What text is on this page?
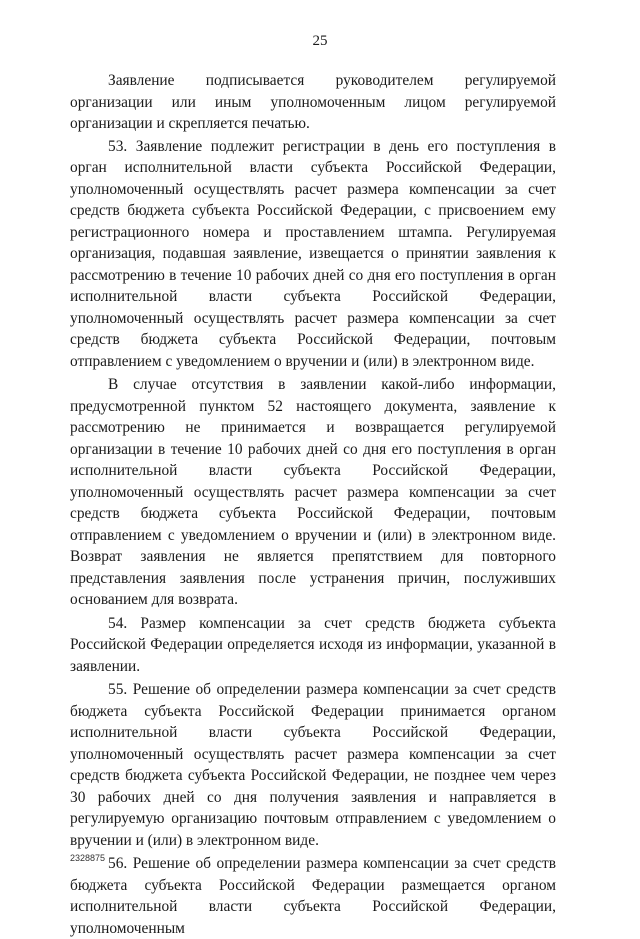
25

Заявление подписывается руководителем регулируемой организации или иным уполномоченным лицом регулируемой организации и скрепляется печатью.

53. Заявление подлежит регистрации в день его поступления в орган исполнительной власти субъекта Российской Федерации, уполномоченный осуществлять расчет размера компенсации за счет средств бюджета субъекта Российской Федерации, с присвоением ему регистрационного номера и проставлением штампа. Регулируемая организация, подавшая заявление, извещается о принятии заявления к рассмотрению в течение 10 рабочих дней со дня его поступления в орган исполнительной власти субъекта Российской Федерации, уполномоченный осуществлять расчет размера компенсации за счет средств бюджета субъекта Российской Федерации, почтовым отправлением с уведомлением о вручении и (или) в электронном виде.

В случае отсутствия в заявлении какой-либо информации, предусмотренной пунктом 52 настоящего документа, заявление к рассмотрению не принимается и возвращается регулируемой организации в течение 10 рабочих дней со дня его поступления в орган исполнительной власти субъекта Российской Федерации, уполномоченный осуществлять расчет размера компенсации за счет средств бюджета субъекта Российской Федерации, почтовым отправлением с уведомлением о вручении и (или) в электронном виде. Возврат заявления не является препятствием для повторного представления заявления после устранения причин, послуживших основанием для возврата.

54. Размер компенсации за счет средств бюджета субъекта Российской Федерации определяется исходя из информации, указанной в заявлении.

55. Решение об определении размера компенсации за счет средств бюджета субъекта Российской Федерации принимается органом исполнительной власти субъекта Российской Федерации, уполномоченный осуществлять расчет размера компенсации за счет средств бюджета субъекта Российской Федерации, не позднее чем через 30 рабочих дней со дня получения заявления и направляется в регулируемую организацию почтовым отправлением с уведомлением о вручении и (или) в электронном виде.

56. Решение об определении размера компенсации за счет средств бюджета субъекта Российской Федерации размещается органом исполнительной власти субъекта Российской Федерации, уполномоченным

2328875
